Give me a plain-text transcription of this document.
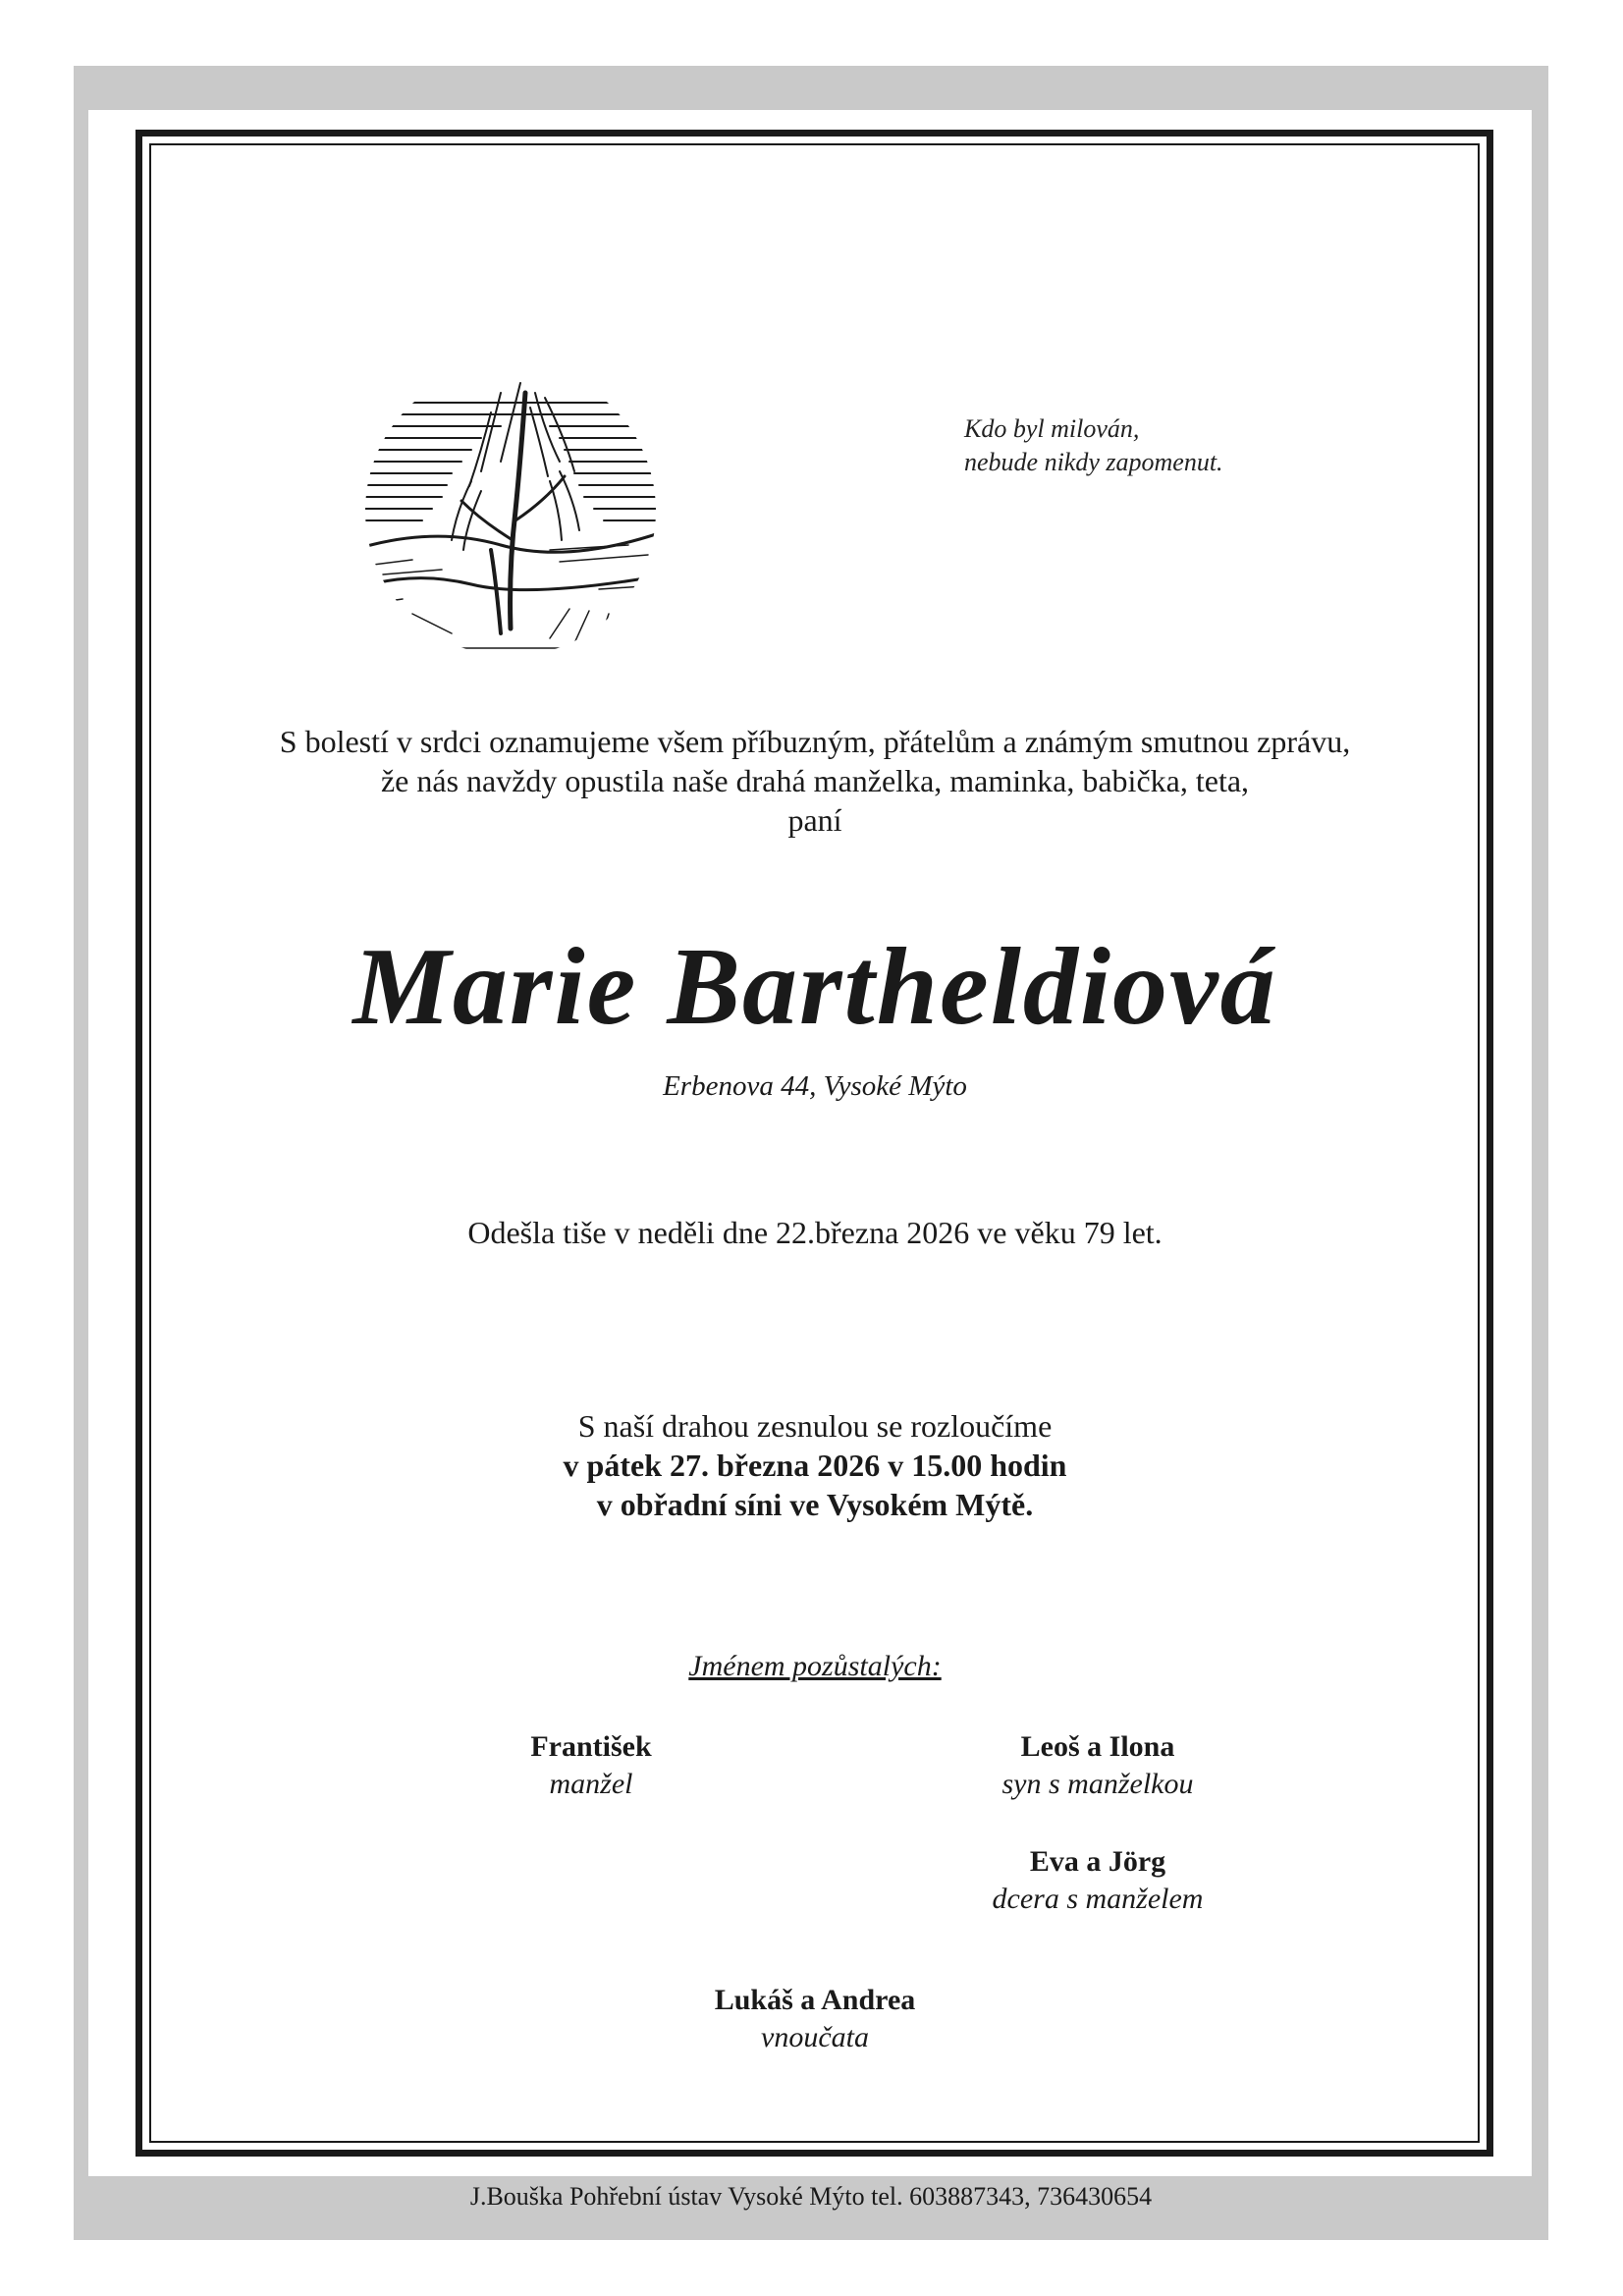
Kdo byl milován,
nebude nikdy zapomenut.
S bolestí v srdci oznamujeme všem příbuzným, přátelům a známým smutnou zprávu,
že nás navždy opustila naše drahá manželka, maminka, babička, teta,
paní
Marie Bartheldiová
Erbenova 44, Vysoké Mýto
Odešla tiše v neděli dne 22.března 2026 ve věku 79 let.
S naší drahou zesnulou se rozloučíme
v pátek 27. března 2026 v 15.00 hodin
v obřadní síni ve Vysokém Mýtě.
Jménem pozůstalých:
František
manžel
Leoš a Ilona
syn s manželkou
Eva a Jörg
dcera s manželem
Lukáš a Andrea
vnoučata
J.Bouška Pohřební ústav Vysoké Mýto tel. 603887343, 736430654
